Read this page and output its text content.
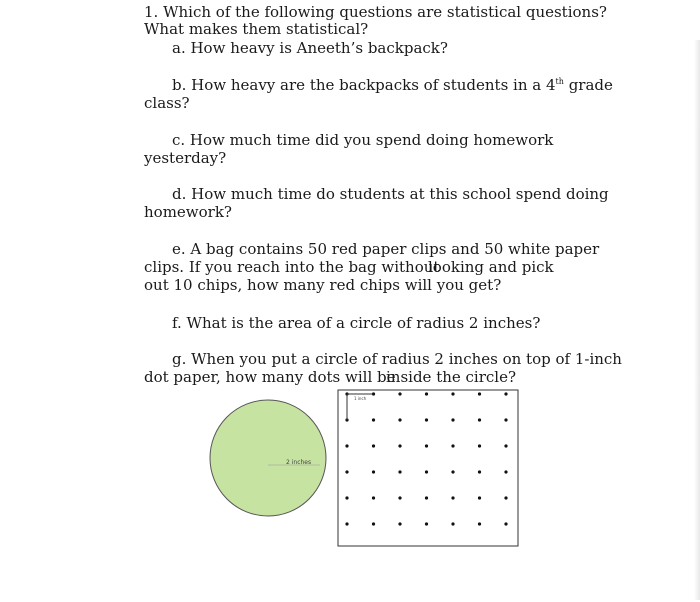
1. Which of the following questions are statistical questions?
What makes them statistical?
a. How heavy is Aneeth’s backpack?
b. How heavy are the backpacks of students in a 4th grade
class?
c. How much time did you spend doing homework
yesterday?
d. How much time do students at this school spend doing
homework?
e. A bag contains 50 red paper clips and 50 white paper
clips. If you reach into the bag without
looking and pick
out 10 chips, how many red chips will you get?
f. What is the area of a circle of radius 2 inches?
g. When you put a circle of radius 2 inches on top of 1-inch
dot paper, how many dots will be
inside the circle?
2 inches
1 inch
